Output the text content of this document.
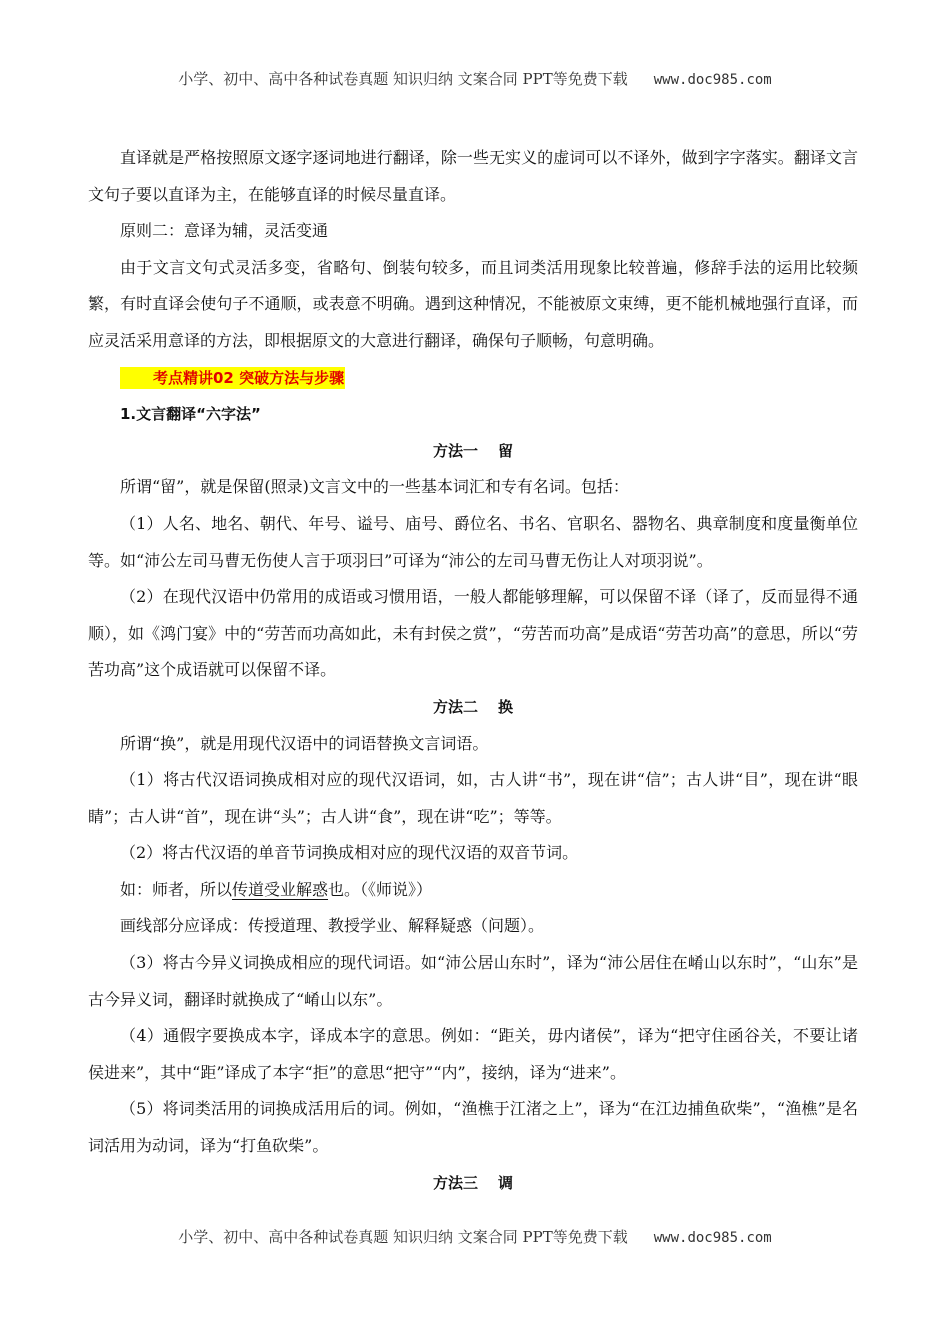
小学、初中、高中各种试卷真题 知识归纳 文案合同 PPT等免费下载 www.doc985.com

直译就是严格按照原文逐字逐词地进行翻译，除一些无实义的虚词可以不译外，做到字字落实。翻译文言文句子要以直译为主，在能够直译的时候尽量直译。

原则二：意译为辅，灵活变通

由于文言文句式灵活多变，省略句、倒装句较多，而且词类活用现象比较普遍，修辞手法的运用比较频繁，有时直译会使句子不通顺，或表意不明确。遇到这种情况，不能被原文束缚，更不能机械地强行直译，而应灵活采用意译的方法，即根据原文的大意进行翻译，确保句子顺畅，句意明确。

考点精讲02 突破方法与步骤

1.文言翻译“六字法”

方法一 留

所谓“留”，就是保留(照录)文言文中的一些基本词汇和专有名词。包括：

（1）人名、地名、朝代、年号、谥号、庙号、爵位名、书名、官职名、器物名、典章制度和度量衡单位等。如“沛公左司马曹无伤使人言于项羽曰”可译为“沛公的左司马曹无伤让人对项羽说”。

（2）在现代汉语中仍常用的成语或习惯用语，一般人都能够理解，可以保留不译（译了，反而显得不通顺），如《鸿门宴》中的“劳苦而功高如此，未有封侯之赏”，“劳苦而功高”是成语“劳苦功高”的意思，所以“劳苦功高”这个成语就可以保留不译。

方法二 换

所谓“换”，就是用现代汉语中的词语替换文言词语。

（1）将古代汉语词换成相对应的现代汉语词，如，古人讲“书”，现在讲“信”；古人讲“目”，现在讲“眼睛”；古人讲“首”，现在讲“头”；古人讲“食”，现在讲“吃”；等等。

（2）将古代汉语的单音节词换成相对应的现代汉语的双音节词。

如：师者，所以传道受业解惑也。（《师说》）

画线部分应译成：传授道理、教授学业、解释疑惑（问题）。

（3）将古今异义词换成相应的现代词语。如“沛公居山东时”，译为“沛公居住在崤山以东时”，“山东”是古今异义词，翻译时就换成了“崤山以东”。

（4）通假字要换成本字，译成本字的意思。例如：“距关，毋内诸侯”，译为“把守住函谷关，不要让诸侯进来”，其中“距”译成了本字“拒”的意思“把守”“内”，接纳，译为“进来”。

（5）将词类活用的词换成活用后的词。例如，“渔樵于江渚之上”，译为“在江边捕鱼砍柴”，“渔樵”是名词活用为动词，译为“打鱼砍柴”。

方法三 调

小学、初中、高中各种试卷真题 知识归纳 文案合同 PPT等免费下载 www.doc985.com
